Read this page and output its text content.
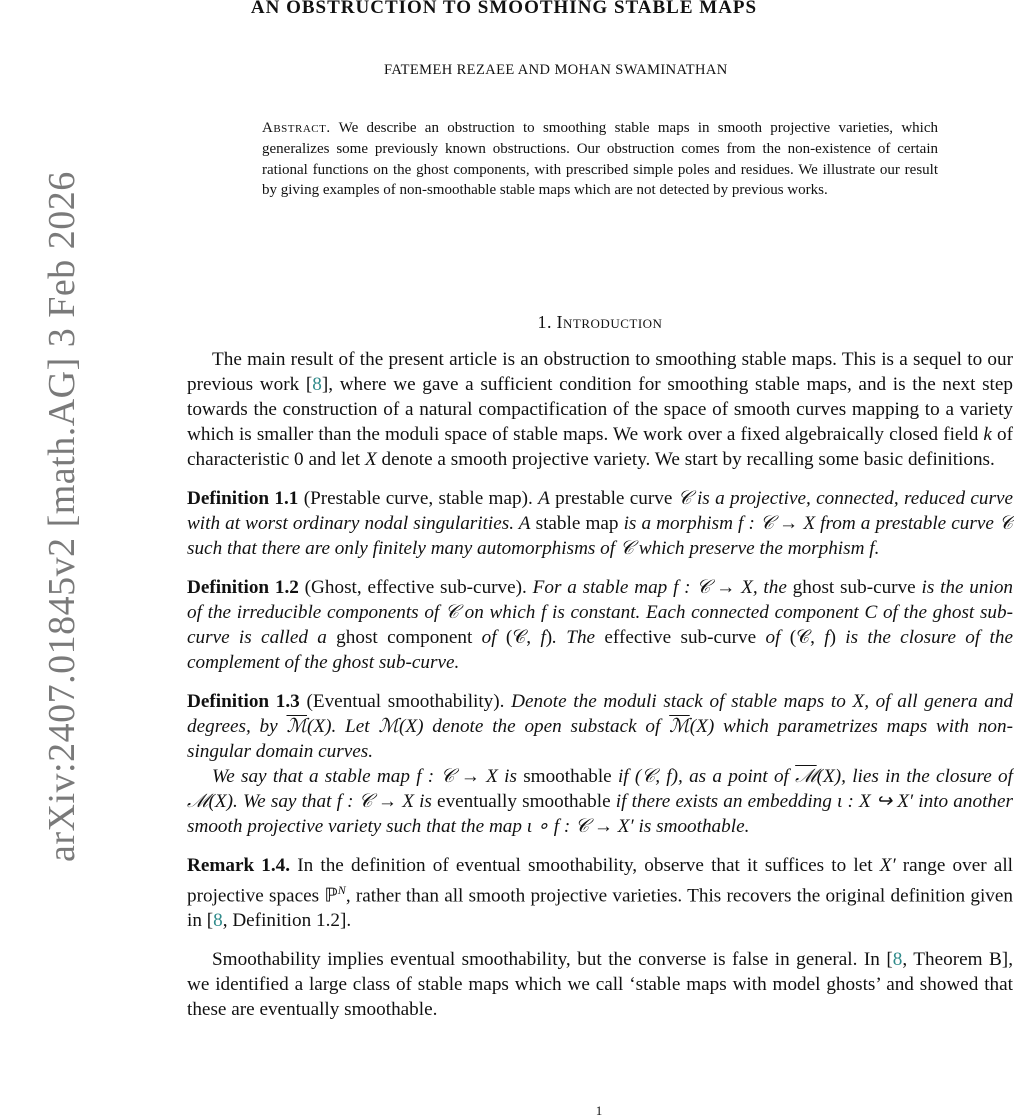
arXiv:2407.01845v2 [math.AG] 3 Feb 2026
AN OBSTRUCTION TO SMOOTHING STABLE MAPS
FATEMEH REZAEE AND MOHAN SWAMINATHAN
Abstract. We describe an obstruction to smoothing stable maps in smooth projective varieties, which generalizes some previously known obstructions. Our obstruction comes from the non-existence of certain rational functions on the ghost components, with prescribed simple poles and residues. We illustrate our result by giving examples of non-smoothable stable maps which are not detected by previous works.
1. Introduction

The main result of the present article is an obstruction to smoothing stable maps. This is a sequel to our previous work [8], where we gave a sufficient condition for smoothing stable maps, and is the next step towards the construction of a natural compactification of the space of smooth curves mapping to a variety which is smaller than the moduli space of stable maps. We work over a fixed algebraically closed field k of characteristic 0 and let X denote a smooth projective variety. We start by recalling some basic definitions.

Definition 1.1 (Prestable curve, stable map). A prestable curve 𝒞 is a projective, connected, reduced curve with at worst ordinary nodal singularities. A stable map is a morphism f : 𝒞 → X from a prestable curve 𝒞 such that there are only finitely many automorphisms of 𝒞 which preserve the morphism f.

Definition 1.2 (Ghost, effective sub-curve). For a stable map f : 𝒞 → X, the ghost sub-curve is the union of the irreducible components of 𝒞 on which f is constant. Each connected component C of the ghost sub-curve is called a ghost component of (𝒞, f). The effective sub-curve of (𝒞, f) is the closure of the complement of the ghost sub-curve.

Definition 1.3 (Eventual smoothability). Denote the moduli stack of stable maps to X, of all genera and degrees, by ℳ(X). Let ℳ(X) denote the open substack of ℳ(X) which parametrizes maps with non-singular domain curves.

We say that a stable map f : 𝒞 → X is smoothable if (𝒞, f), as a point of ℳ(X), lies in the closure of ℳ(X). We say that f : 𝒞 → X is eventually smoothable if there exists an embedding ι : X ↪ X′ into another smooth projective variety such that the map ι ∘ f : 𝒞 → X′ is smoothable.

Remark 1.4. In the definition of eventual smoothability, observe that it suffices to let X′ range over all projective spaces ℙ$^N$, rather than all smooth projective varieties. This recovers the original definition given in [8, Definition 1.2].

Smoothability implies eventual smoothability, but the converse is false in general. In [8, Theorem B], we identified a large class of stable maps which we call ‘stable maps with model ghosts’ and showed that these are eventually smoothable.

1
